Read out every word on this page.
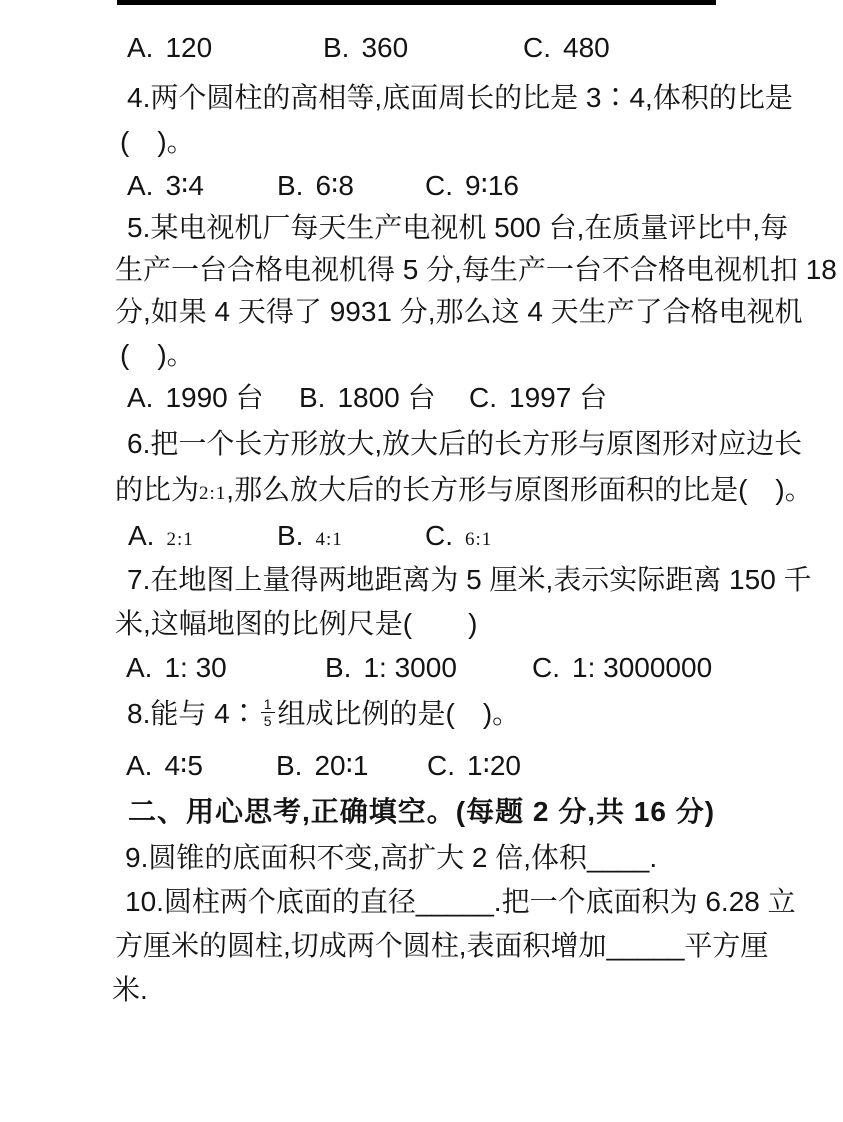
A. 120	B. 360	C. 480
4.两个圆柱的高相等,底面周长的比是 3∶4,体积的比是
(　)。
A. 3∶4	B. 6∶8	C. 9∶16
5.某电视机厂每天生产电视机 500 台,在质量评比中,每
生产一台合格电视机得 5 分,每生产一台不合格电视机扣 18
分,如果 4 天得了 9931 分,那么这 4 天生产了合格电视机
(　)。
A. 1990 台 B. 1800 台 C. 1997 台
6.把一个长方形放大,放大后的长方形与原图形对应边长
的比为2:1,那么放大后的长方形与原图形面积的比是(　)。
A. 2:1	B. 4:1	C. 6:1
7.在地图上量得两地距离为 5 厘米,表示实际距离 150 千
米,这幅地图的比例尺是(　　)
A. 1: 30	B. 1: 3000	C. 1: 3000000
8.能与 4∶ $\frac{1}{5}$ 组成比例的是(　)。
A. 4∶5	B. 20∶1 C. 1∶20
二、用心思考,正确填空。(每题 2 分,共 16 分)
9.圆锥的底面积不变,高扩大 2 倍,体积____.
10.圆柱两个底面的直径_____.把一个底面积为 6.28 立
方厘米的圆柱,切成两个圆柱,表面积增加_____平方厘
米.
